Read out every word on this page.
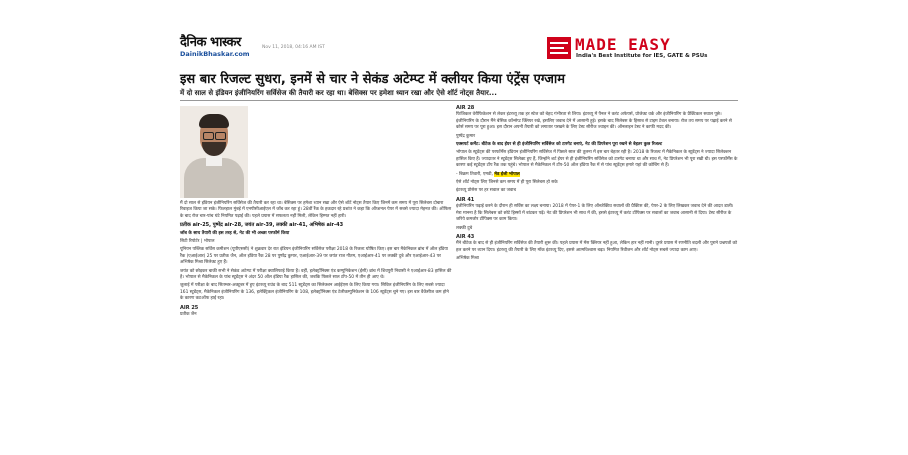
दैनिक भास्कर
DainikBhaskar.com
Nov 11, 2018, 04:16 AM IST	MADE EASY
India's Best Institute for IES, GATE & PSUs
इस बार रिजल्ट सुधरा, इनमें से चार ने सेकंड अटेम्प्ट में क्लीयर किया एंट्रेंस एग्जाम
में दो साल से इंडियन इंजीनियरिंग सर्विसेज की तैयारी कर रहा था। बेसिक्स पर हमेशा ध्यान रखा और ऐसे शॉर्ट नोट्स तैयार...

मैं दो साल से इंडियन इंजीनियरिंग सर्विसेज की तैयारी कर रहा था। बेसिक्स पर हमेशा ध्यान रखा और ऐसे शॉर्ट नोट्स तैयार किए जिनमें कम समय में पूरा सिलेबस दोबारा रिवाइज किया जा सके। फिलहाल मुंबई में एनपीसीआईएल में जॉब कर रहा हूं। 28वीं रैंक के हकदार रहे प्रशांत ने कहा कि ऑप्शनल पेपर में सबसे ज्यादा मेहनत की। ऑफिस के बाद रोज चार-पांच घंटे नियमित पढ़ाई की। पहले प्रयास में सफलता नहीं मिली, लेकिन हिम्मत नहीं हारी।

प्रतीक air-25, पुष्पेंद्र air-28, जयंत air-39, लक्की air-41, अभिषेक air-43

जॉब के साथ तैयारी की इस तरह से, नेट की भी अच्छा परफॉर्म किया

सिटी रिपोर्टर | भोपाल

यूनियन पब्लिक सर्विस कमीशन (यूपीएससी) ने शुक्रवार देर रात इंडियन इंजीनियरिंग सर्विसेज परीक्षा 2018 के रिजल्ट घोषित किए। इस बार मैकेनिकल ब्रांच में ऑल इंडिया रैंक (एआईआर) 25 पर प्रतीक जैन, ऑल इंडिया रैंक 28 पर पुष्पेंद्र कुमार, एआईआर-39 पर जयंत राज गौतम, एआईआर-41 पर लक्की दुबे और एआईआर-43 पर अभिषेक मिश्रा सिलेक्ट हुए हैं।

जयंत को छोड़कर बाकी सभी ने सेकंड अटेम्प्ट में परीक्षा क्वालिफाई किया है। वहीं, इलेक्ट्रॉनिक्स एंड कम्युनिकेशन (ईसी) ब्रांच में शिवपुरी निवासी ने एआईआर-83 हासिल की है। भोपाल से मैकेनिकल के पांच स्टूडेंट्स ने अंदर 50 ऑल इंडिया रैंक हासिल की, जबकि पिछले साल टॉप-50 में तीन ही आए थे।

जुलाई में परीक्षा के बाद सितम्बर-अक्टूबर में हुए इंटरव्यू राउंड के बाद 511 स्टूडेंट्स का सिलेक्शन आईईएस के लिए किया गया। सिविल इंजीनियरिंग के लिए सबसे ज्यादा 161 स्टूडेंट्स, मैकेनिकल इंजीनियरिंग के 136, इलेक्ट्रिकल इंजीनियरिंग के 108, इलेक्ट्रॉनिक्स एंड टेलीकम्युनिकेशन के 106 स्टूडेंट्स चुने गए। इस बार वैकेंसीज कम होने के कारण कटऑफ हाई रहा।

AIR 25

प्रतीक जैन

AIR 28

फिजिकल वेरीफिकेशन से लेकर इंटरव्यू तक हर स्टेज को बेहद गंभीरता से लिया। इंटरव्यू में पैनल ने करंट अफेयर्स, प्रोजेक्ट वर्क और इंजीनियरिंग के प्रैक्टिकल सवाल पूछे। इंजीनियरिंग के दौरान मैंने बेसिक कॉन्सेप्ट क्लियर रखे, इसलिए जवाब देने में आसानी हुई। इसके बाद सिलेबस के हिसाब से टाइम टेबल बनाया। रोज तय समय पर पढ़ाई करने से कोर्स समय पर पूरा हुआ। इस दौरान अपनी तैयारी को लगातार परखने के लिए टेस्ट सीरीज ज्वाइन की। ऑनलाइन टेस्ट ने काफी मदद की।

पुष्पेंद्र कुमार

एक्सपर्ट कमेंट: बीटेक के बाद ईयर से ही इंजीनियरिंग सर्विसेज को टारगेट बनाएं, नेट की प्रिपरेशन पूरा रखने से बेहतर कुछ रिजल्ट

भोपाल के स्टूडेंट्स की परफॉर्मेंस इंडियन इंजीनियरिंग सर्विसेज में पिछले साल की तुलना में इस बार बेहतर रही है। 2018 के रिजल्ट में मैकेनिकल के स्टूडेंट्स ने ज्यादा सिलेक्शन हासिल किए हैं। ज्यादातर ने स्टूडेंट्स सिलेक्ट हुए हैं, जिन्होंने शर्ट ईयर से ही इंजीनियरिंग सर्विसेज को टारगेट बनाया था और साथ में, नेट प्रिपरेशन भी पूरा रखी थी। इस परफॉर्मेंस के कारण कई स्टूडेंट्स टॉप रैंक तक पहुंचे। भोपाल से मैकेनिकल में टॉप-50 ऑल इंडिया रैंक में से पांच स्टूडेंट्स हमारे यहां की कोचिंग से हैं।

- बिक्रम तिवारी, एमडी, मेड ईजी भोपाल

ऐसे शॉर्ट नोट्स लिए जिनसे कम समय में ही पूरा सिलेबस हो सके

इंटरव्यू प्रोसेस पर हर सवाल का जवाब

AIR 41

इंजीनियरिंग पढ़ाई करने के दौरान ही सर्विस का लक्ष्य बनाया। 2018 में पेपर-1 के लिए ऑब्जेक्टिव सवालों की प्रैक्टिस की, पेपर-2 के लिए लिखकर जवाब देने की आदत डाली। मेरा मानना है कि सिलेबस को छोटे हिस्सों में बांटकर पढ़ें। नेट की प्रिपरेशन भी साथ में की, इससे इंटरव्यू में करंट टॉपिक्स पर सवालों का जवाब आसानी से दिया। टेस्ट सीरीज के जरिये कमजोर टॉपिक्स पर काम किया।

लक्की दुबे

AIR 43

मैंने बीटेक के बाद से ही इंजीनियरिंग सर्विसेज की तैयारी शुरू की। पहले प्रयास में मेंस क्लियर नहीं हुआ, लेकिन हार नहीं मानी। दूसरे प्रयास में रणनीति बदली और पुराने प्रश्नपत्रों को हल करने पर ध्यान दिया। इंटरव्यू की तैयारी के लिए मॉक इंटरव्यू दिए, इससे आत्मविश्वास बढ़ा। नियमित रिवीजन और शॉर्ट नोट्स सबसे ज्यादा काम आए।

अभिषेक मिश्रा
